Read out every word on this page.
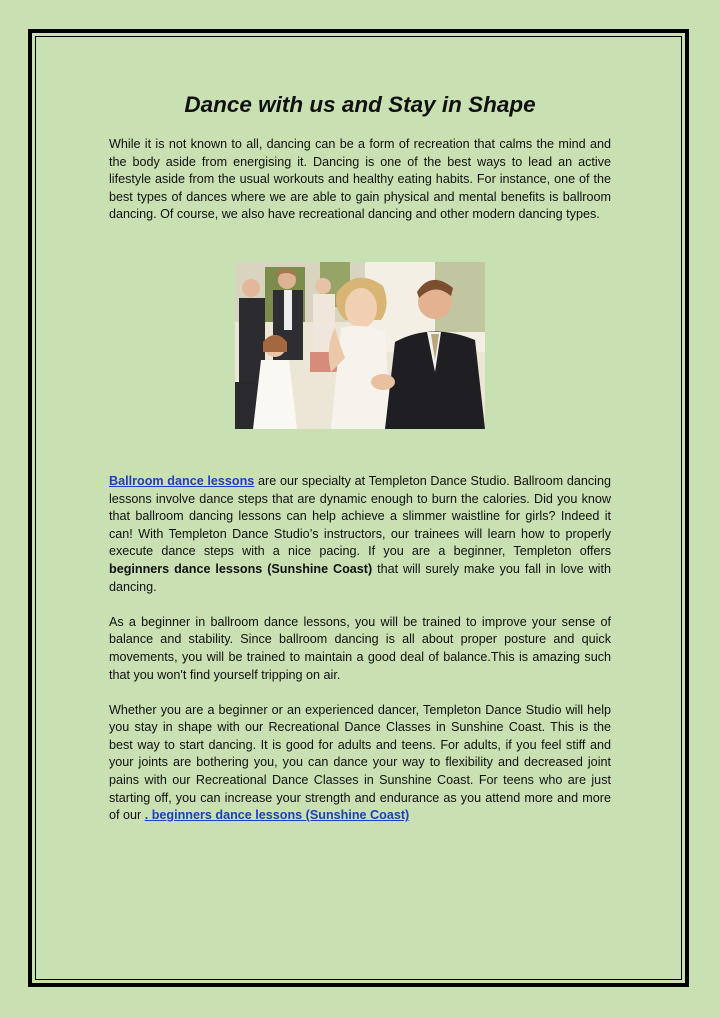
Dance with us and Stay in Shape

While it is not known to all, dancing can be a form of recreation that calms the mind and the body aside from energising it. Dancing is one of the best ways to lead an active lifestyle aside from the usual workouts and healthy eating habits. For instance, one of the best types of dances where we are able to gain physical and mental benefits is ballroom dancing. Of course, we also have recreational dancing and other modern dancing types.

Ballroom dance lessons are our specialty at Templeton Dance Studio. Ballroom dancing lessons involve dance steps that are dynamic enough to burn the calories. Did you know that ballroom dancing lessons can help achieve a slimmer waistline for girls? Indeed it can! With Templeton Dance Studio’s instructors, our trainees will learn how to properly execute dance steps with a nice pacing. If you are a beginner, Templeton offers beginners dance lessons (Sunshine Coast) that will surely make you fall in love with dancing.

As a beginner in ballroom dance lessons, you will be trained to improve your sense of balance and stability. Since ballroom dancing is all about proper posture and quick movements, you will be trained to maintain a good deal of balance.This is amazing such that you won't find yourself tripping on air.

Whether you are a beginner or an experienced dancer, Templeton Dance Studio will help you stay in shape with our Recreational Dance Classes in Sunshine Coast. This is the best way to start dancing. It is good for adults and teens. For adults, if you feel stiff and your joints are bothering you, you can dance your way to flexibility and decreased joint pains with our Recreational Dance Classes in Sunshine Coast. For teens who are just starting off, you can increase your strength and endurance as you attend more and more of our . beginners dance lessons (Sunshine Coast)
